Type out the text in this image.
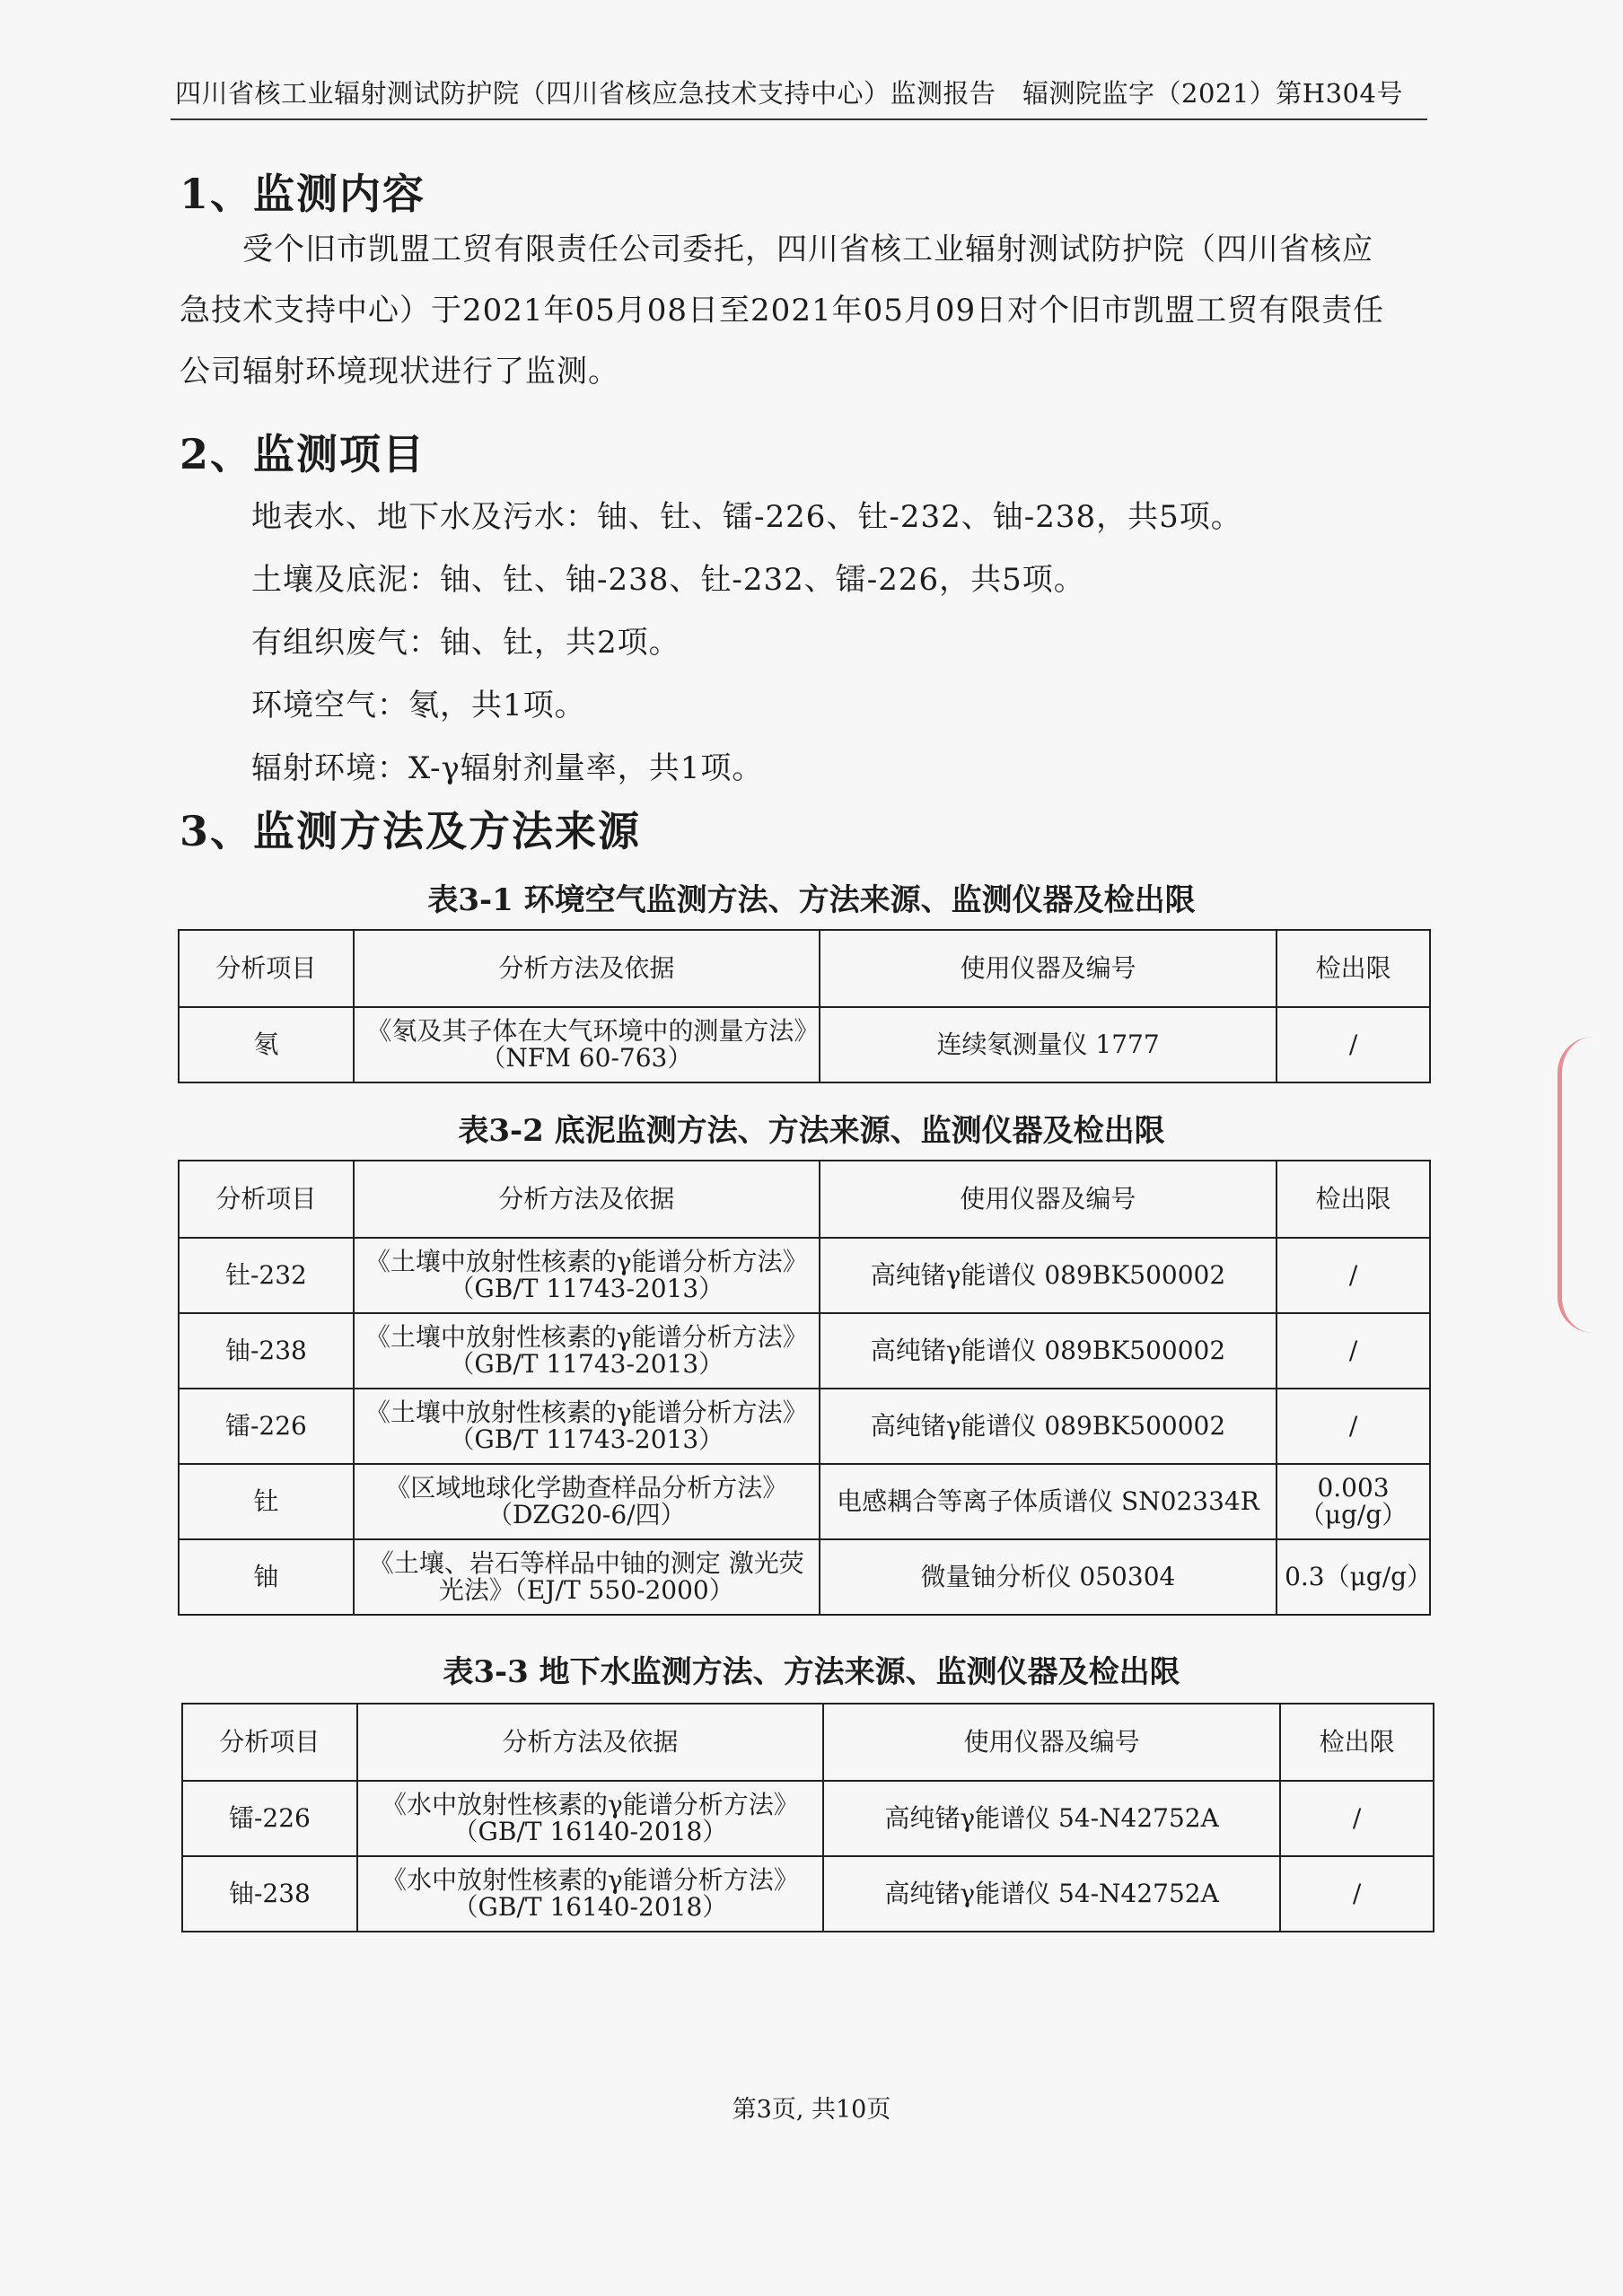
四川省核工业辐射测试防护院（四川省核应急技术支持中心）监测报告　辐测院监字（2021）第H304号
1、监测内容
受个旧市凯盟工贸有限责任公司委托，四川省核工业辐射测试防护院（四川省核应急技术支持中心）于2021年05月08日至2021年05月09日对个旧市凯盟工贸有限责任公司辐射环境现状进行了监测。
2、监测项目
地表水、地下水及污水：铀、钍、镭-226、钍-232、铀-238，共5项。
土壤及底泥：铀、钍、铀-238、钍-232、镭-226，共5项。
有组织废气：铀、钍，共2项。
环境空气：氡，共1项。
辐射环境：X-γ辐射剂量率，共1项。
3、监测方法及方法来源
表3-1 环境空气监测方法、方法来源、监测仪器及检出限
分析项目	分析方法及依据	使用仪器及编号	检出限
氡	《氡及其子体在大气环境中的测量方法》（NFM 60-763）	连续氡测量仪 1777	/
表3-2 底泥监测方法、方法来源、监测仪器及检出限
分析项目	分析方法及依据	使用仪器及编号	检出限
钍-232	《土壤中放射性核素的γ能谱分析方法》（GB/T 11743-2013）	高纯锗γ能谱仪 089BK500002	/
铀-238	《土壤中放射性核素的γ能谱分析方法》（GB/T 11743-2013）	高纯锗γ能谱仪 089BK500002	/
镭-226	《土壤中放射性核素的γ能谱分析方法》（GB/T 11743-2013）	高纯锗γ能谱仪 089BK500002	/
钍	《区域地球化学勘查样品分析方法》（DZG20-6/四）	电感耦合等离子体质谱仪 SN02334R	0.003（μg/g）
铀	《土壤、岩石等样品中铀的测定 激光荧光法》（EJ/T 550-2000）	微量铀分析仪 050304	0.3（μg/g）
表3-3 地下水监测方法、方法来源、监测仪器及检出限
分析项目	分析方法及依据	使用仪器及编号	检出限
镭-226	《水中放射性核素的γ能谱分析方法》（GB/T 16140-2018）	高纯锗γ能谱仪 54-N42752A	/
铀-238	《水中放射性核素的γ能谱分析方法》（GB/T 16140-2018）	高纯锗γ能谱仪 54-N42752A	/
第3页, 共10页
